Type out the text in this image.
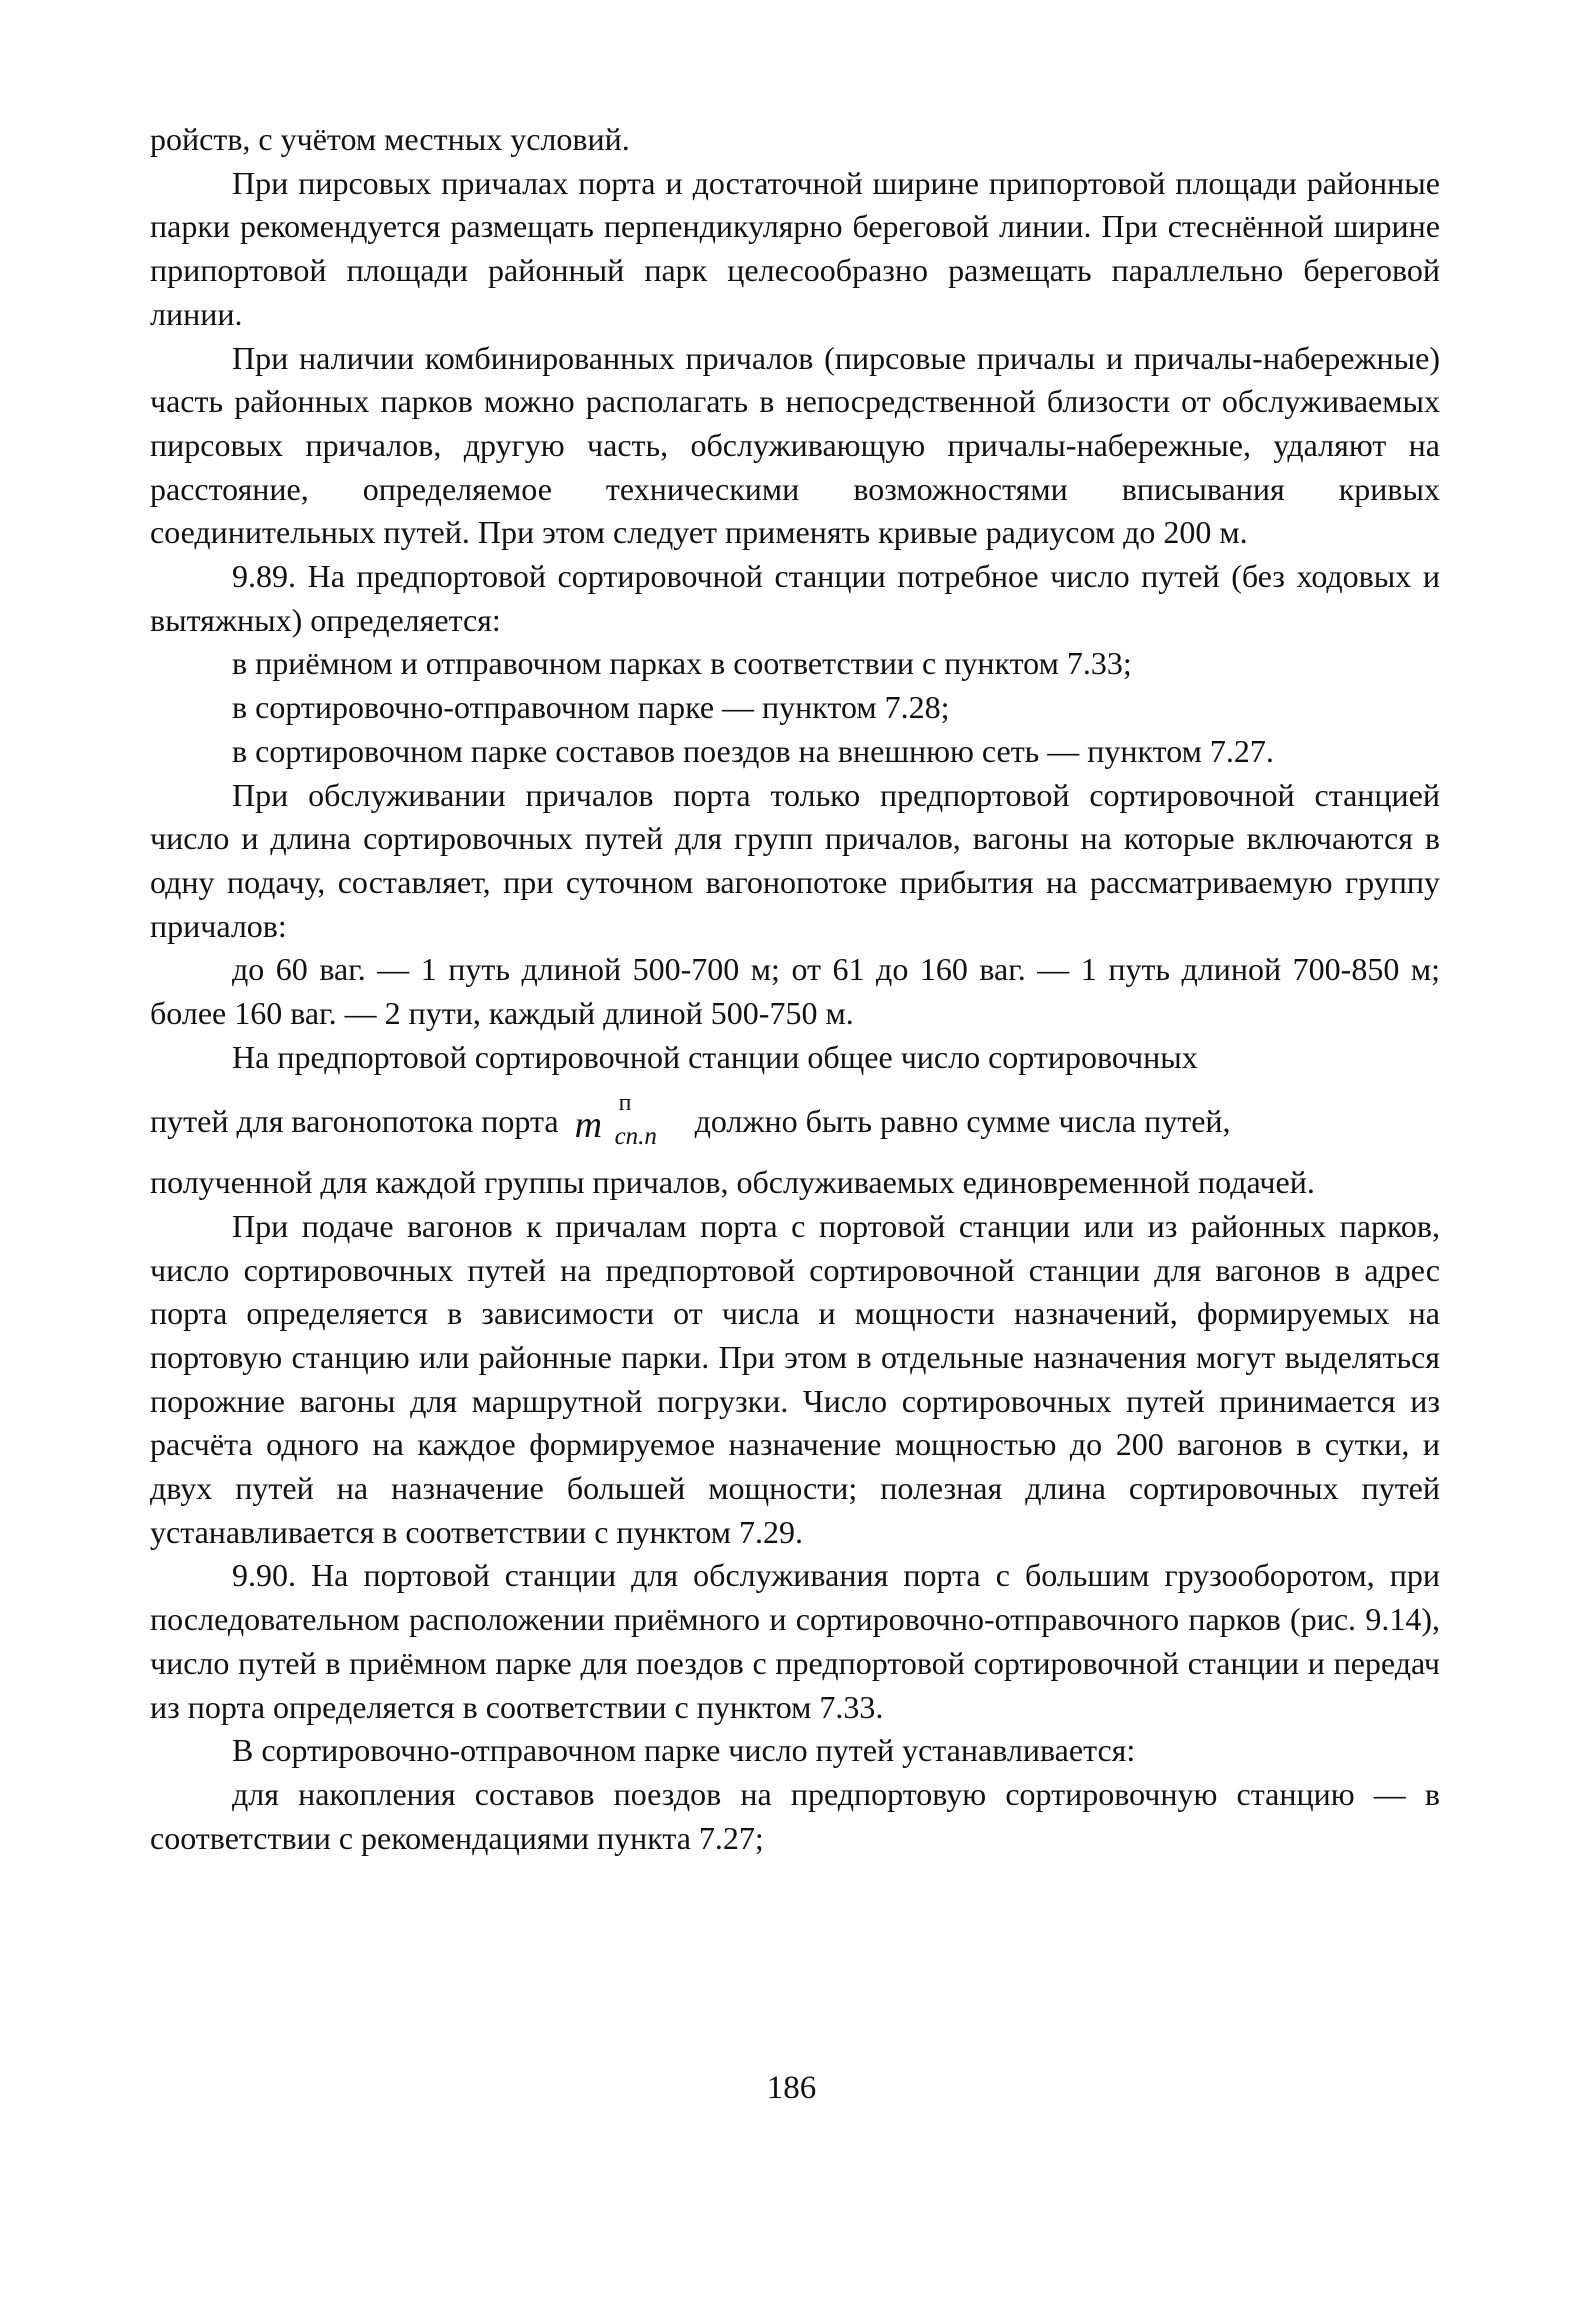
ройств, с учётом местных условий.

При пирсовых причалах порта и достаточной ширине припортовой площади районные парки рекомендуется размещать перпендикулярно береговой линии. При стеснённой ширине припортовой площади районный парк целесообразно размещать параллельно береговой линии.

При наличии комбинированных причалов (пирсовые причалы и причалы-набережные) часть районных парков можно располагать в непосредственной близости от обслуживаемых пирсовых причалов, другую часть, обслуживающую причалы-набережные, удаляют на расстояние, определяемое техническими возможностями вписывания кривых соединительных путей. При этом следует применять кривые радиусом до 200 м.

9.89. На предпортовой сортировочной станции потребное число путей (без ходовых и вытяжных) определяется:

в приёмном и отправочном парках в соответствии с пунктом 7.33;

в сортировочно-отправочном парке — пунктом 7.28;

в сортировочном парке составов поездов на внешнюю сеть — пунктом 7.27.

При обслуживании причалов порта только предпортовой сортировочной станцией число и длина сортировочных путей для групп причалов, вагоны на которые включаются в одну подачу, составляет, при суточном вагонопотоке прибытия на рассматриваемую группу причалов:

до 60 ваг. — 1 путь длиной 500-700 м; от 61 до 160 ваг. — 1 путь длиной 700-850 м; более 160 ваг. — 2 пути, каждый длиной 500-750 м.

На предпортовой сортировочной станции общее число сортировочных
путей для вагонопотока порта m
п
сп.п должно быть равно сумме числа путей,
полученной для каждой группы причалов, обслуживаемых единовременной подачей.

При подаче вагонов к причалам порта с портовой станции или из районных парков, число сортировочных путей на предпортовой сортировочной станции для вагонов в адрес порта определяется в зависимости от числа и мощности назначений, формируемых на портовую станцию или районные парки. При этом в отдельные назначения могут выделяться порожние вагоны для маршрутной погрузки. Число сортировочных путей принимается из расчёта одного на каждое формируемое назначение мощностью до 200 вагонов в сутки, и двух путей на назначение большей мощности; полезная длина сортировочных путей устанавливается в соответствии с пунктом 7.29.

9.90. На портовой станции для обслуживания порта с большим грузооборотом, при последовательном расположении приёмного и сортировочно-отправочного парков (рис. 9.14), число путей в приёмном парке для поездов с предпортовой сортировочной станции и передач из порта определяется в соответствии с пунктом 7.33.

В сортировочно-отправочном парке число путей устанавливается:

для накопления составов поездов на предпортовую сортировочную станцию — в соответствии с рекомендациями пункта 7.27;

186
